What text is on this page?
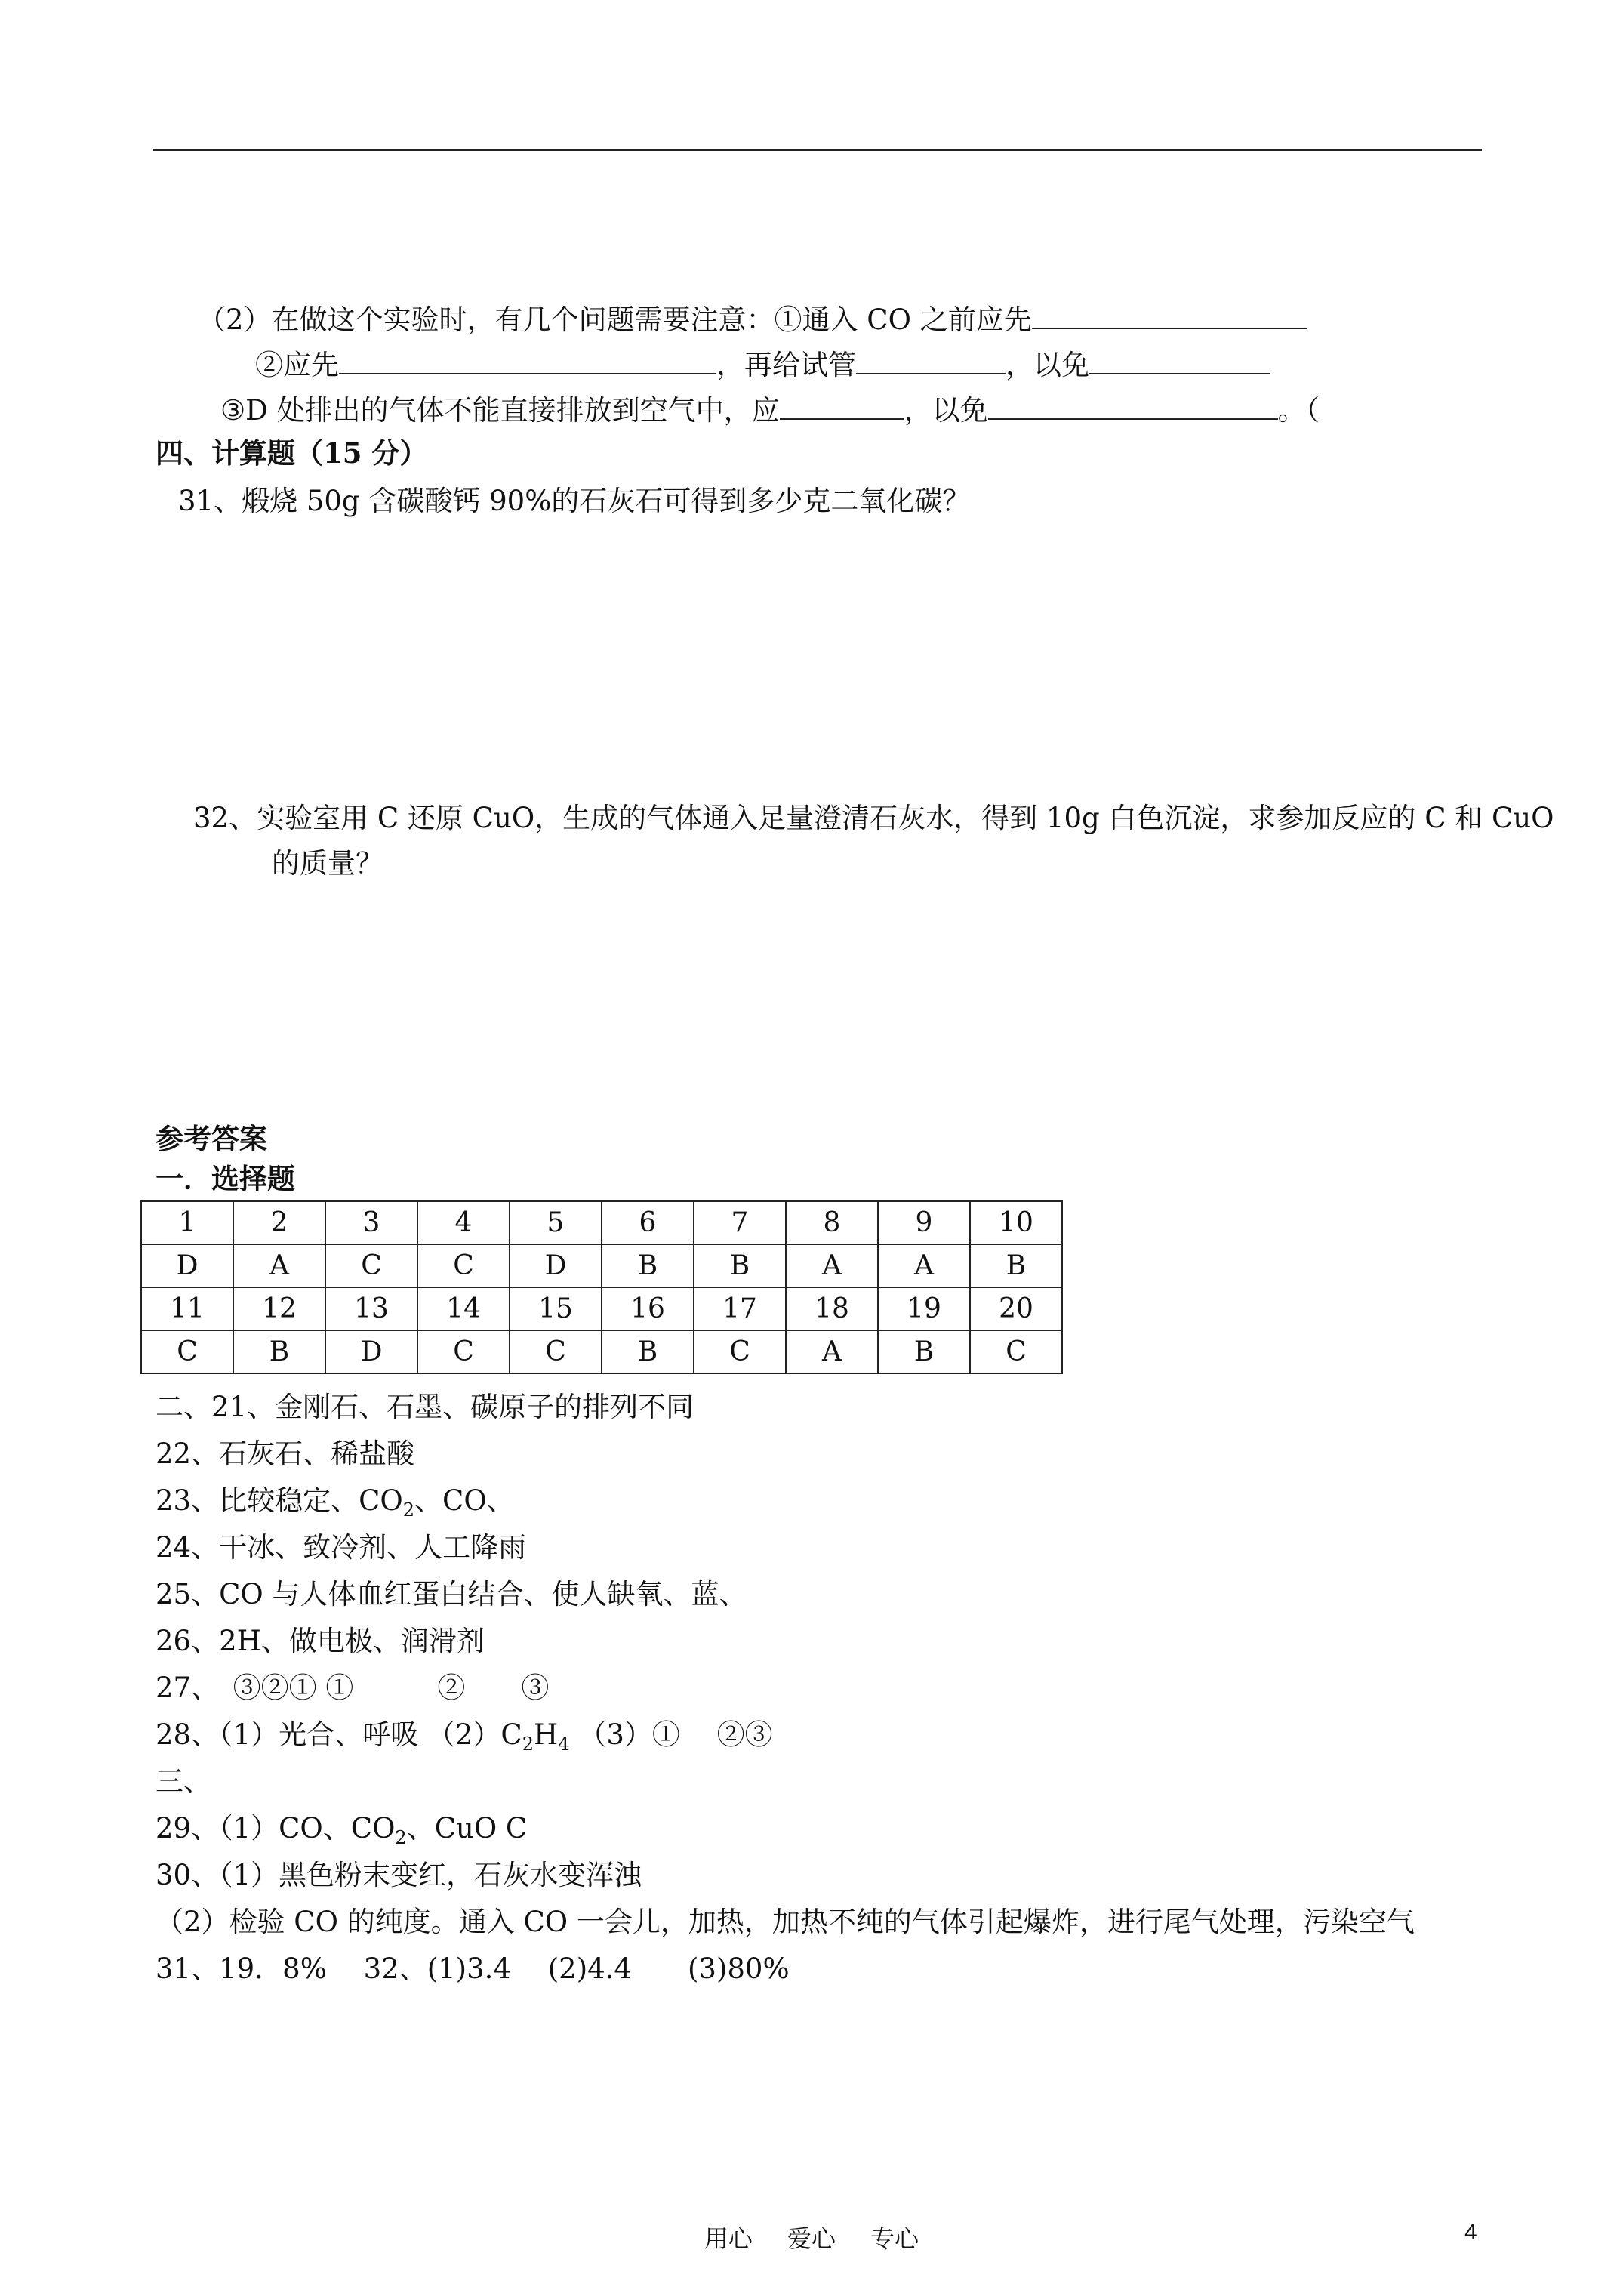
（2）在做这个实验时，有几个问题需要注意：①通入 CO 之前应先
②应先	，再给试管	，以免
③D 处排出的气体不能直接排放到空气中，应	，以免	。（
四、计算题（15 分）
31、煅烧 50g 含碳酸钙 90%的石灰石可得到多少克二氧化碳？
32、实验室用 C 还原 CuO，生成的气体通入足量澄清石灰水，得到 10g 白色沉淀，求参加反应的 C 和 CuO
的质量？
参考答案
一．选择题
1	2	3	4	5	6	7	8	9	10
D	A	C	C	D	B	B	A	A	B
11	12	13	14	15	16	17	18	19	20
C	B	D	C	C	B	C	A	B	C
二、21、金刚石、石墨、碳原子的排列不同
22、石灰石、稀盐酸
23、比较稳定、$CO_2$、CO、
24、干冰、致冷剂、人工降雨
25、CO 与人体血红蛋白结合、使人缺氧、蓝、
26、2H、做电极、润滑剂
27、　③②① ①　　　②　　③
28、（1）光合、呼吸 $(2)C_2H_4$ （3）①　 ②③
三、
29、（1）CO、$CO_2$、CuO C
30、（1）黑色粉末变红，石灰水变浑浊
（2）检验 CO 的纯度。通入 CO 一会儿，加热，加热不纯的气体引起爆炸，进行尾气处理，污染空气
31、19．8%　 32、(1)3.4　 (2)4.4　　(3)80%
用心 爱心 专心	4
